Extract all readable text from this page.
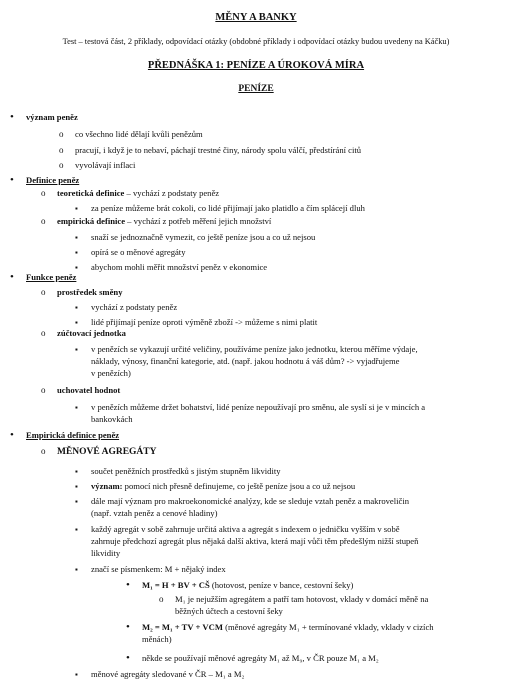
MĚNY A BANKY
Test – testová část, 2 příklady, odpovídací otázky (obdobné příklady i odpovídací otázky budou uvedeny na Káčku)
PŘEDNÁŠKA 1: PENÍZE A ÚROKOVÁ MÍRA
PENÍZE
•
význam peněz
o
co všechno lidé dělají kvůli penězům
o
pracují, i když je to nebaví, páchají trestné činy, národy spolu válčí, předstírání citů
o
vyvolávají inflaci
•
Definice peněz
o
teoretická definice – vychází z podstaty peněz
▪
za peníze můžeme brát cokoli, co lidé přijímají jako platidlo a čím splácejí dluh
o
empirická definice – vychází z potřeb měření jejich množství
▪
snaží se jednoznačně vymezit, co ještě peníze jsou a co už nejsou
▪
opírá se o měnové agregáty
▪
abychom mohli měřit množství peněz v ekonomice
•
Funkce peněz
o
prostředek směny
▪
vychází z podstaty peněz
▪
lidé přijímají peníze oproti výměně zboží -> můžeme s nimi platit
o
zúčtovací jednotka
▪
v penězích se vykazují určité veličiny, používáme peníze jako jednotku, kterou měříme výdaje,
náklady, výnosy, finanční kategorie, atd. (např. jakou hodnotu á váš dům? -> vyjadřujeme
v penězích)
o
uchovatel hodnot
▪
v penězích můžeme držet bohatství, lidé peníze nepoužívají pro směnu, ale syslí si je v mincích a
bankovkách
•
Empirická definice peněz
o
MĚNOVÉ AGREGÁTY
▪
součet peněžních prostředků s jistým stupněm likvidity
▪
význam: pomocí nich přesně definujeme, co ještě peníze jsou a co už nejsou
▪
dále mají význam pro makroekonomické analýzy, kde se sleduje vztah peněz a makroveličin
(např. vztah peněz a cenové hladiny)
▪
každý agregát v sobě zahrnuje určitá aktiva a agregát s indexem o jedničku vyšším v sobě
zahrnuje předchozí agregát plus nějaká další aktiva, která mají vůči těm předešlým nižší stupeň
likvidity
▪
značí se písmenkem: M + nějaký index
•
M₁ = H + BV + CŠ (hotovost, peníze v bance, cestovní šeky)
o
M₁ je nejužším agregátem a patří tam hotovost, vklady v domácí měně na
běžných účtech a cestovní šeky
•
M₂ = M₁ + TV + VCM (měnové agregáty M₁ + termínované vklady, vklady v cizích
měnách)
•
někde se používají měnové agregáty M₁ až M₉, v ČR pouze M₁ a M₂
▪
měnové agregáty sledované v ČR – M₁ a M₂
